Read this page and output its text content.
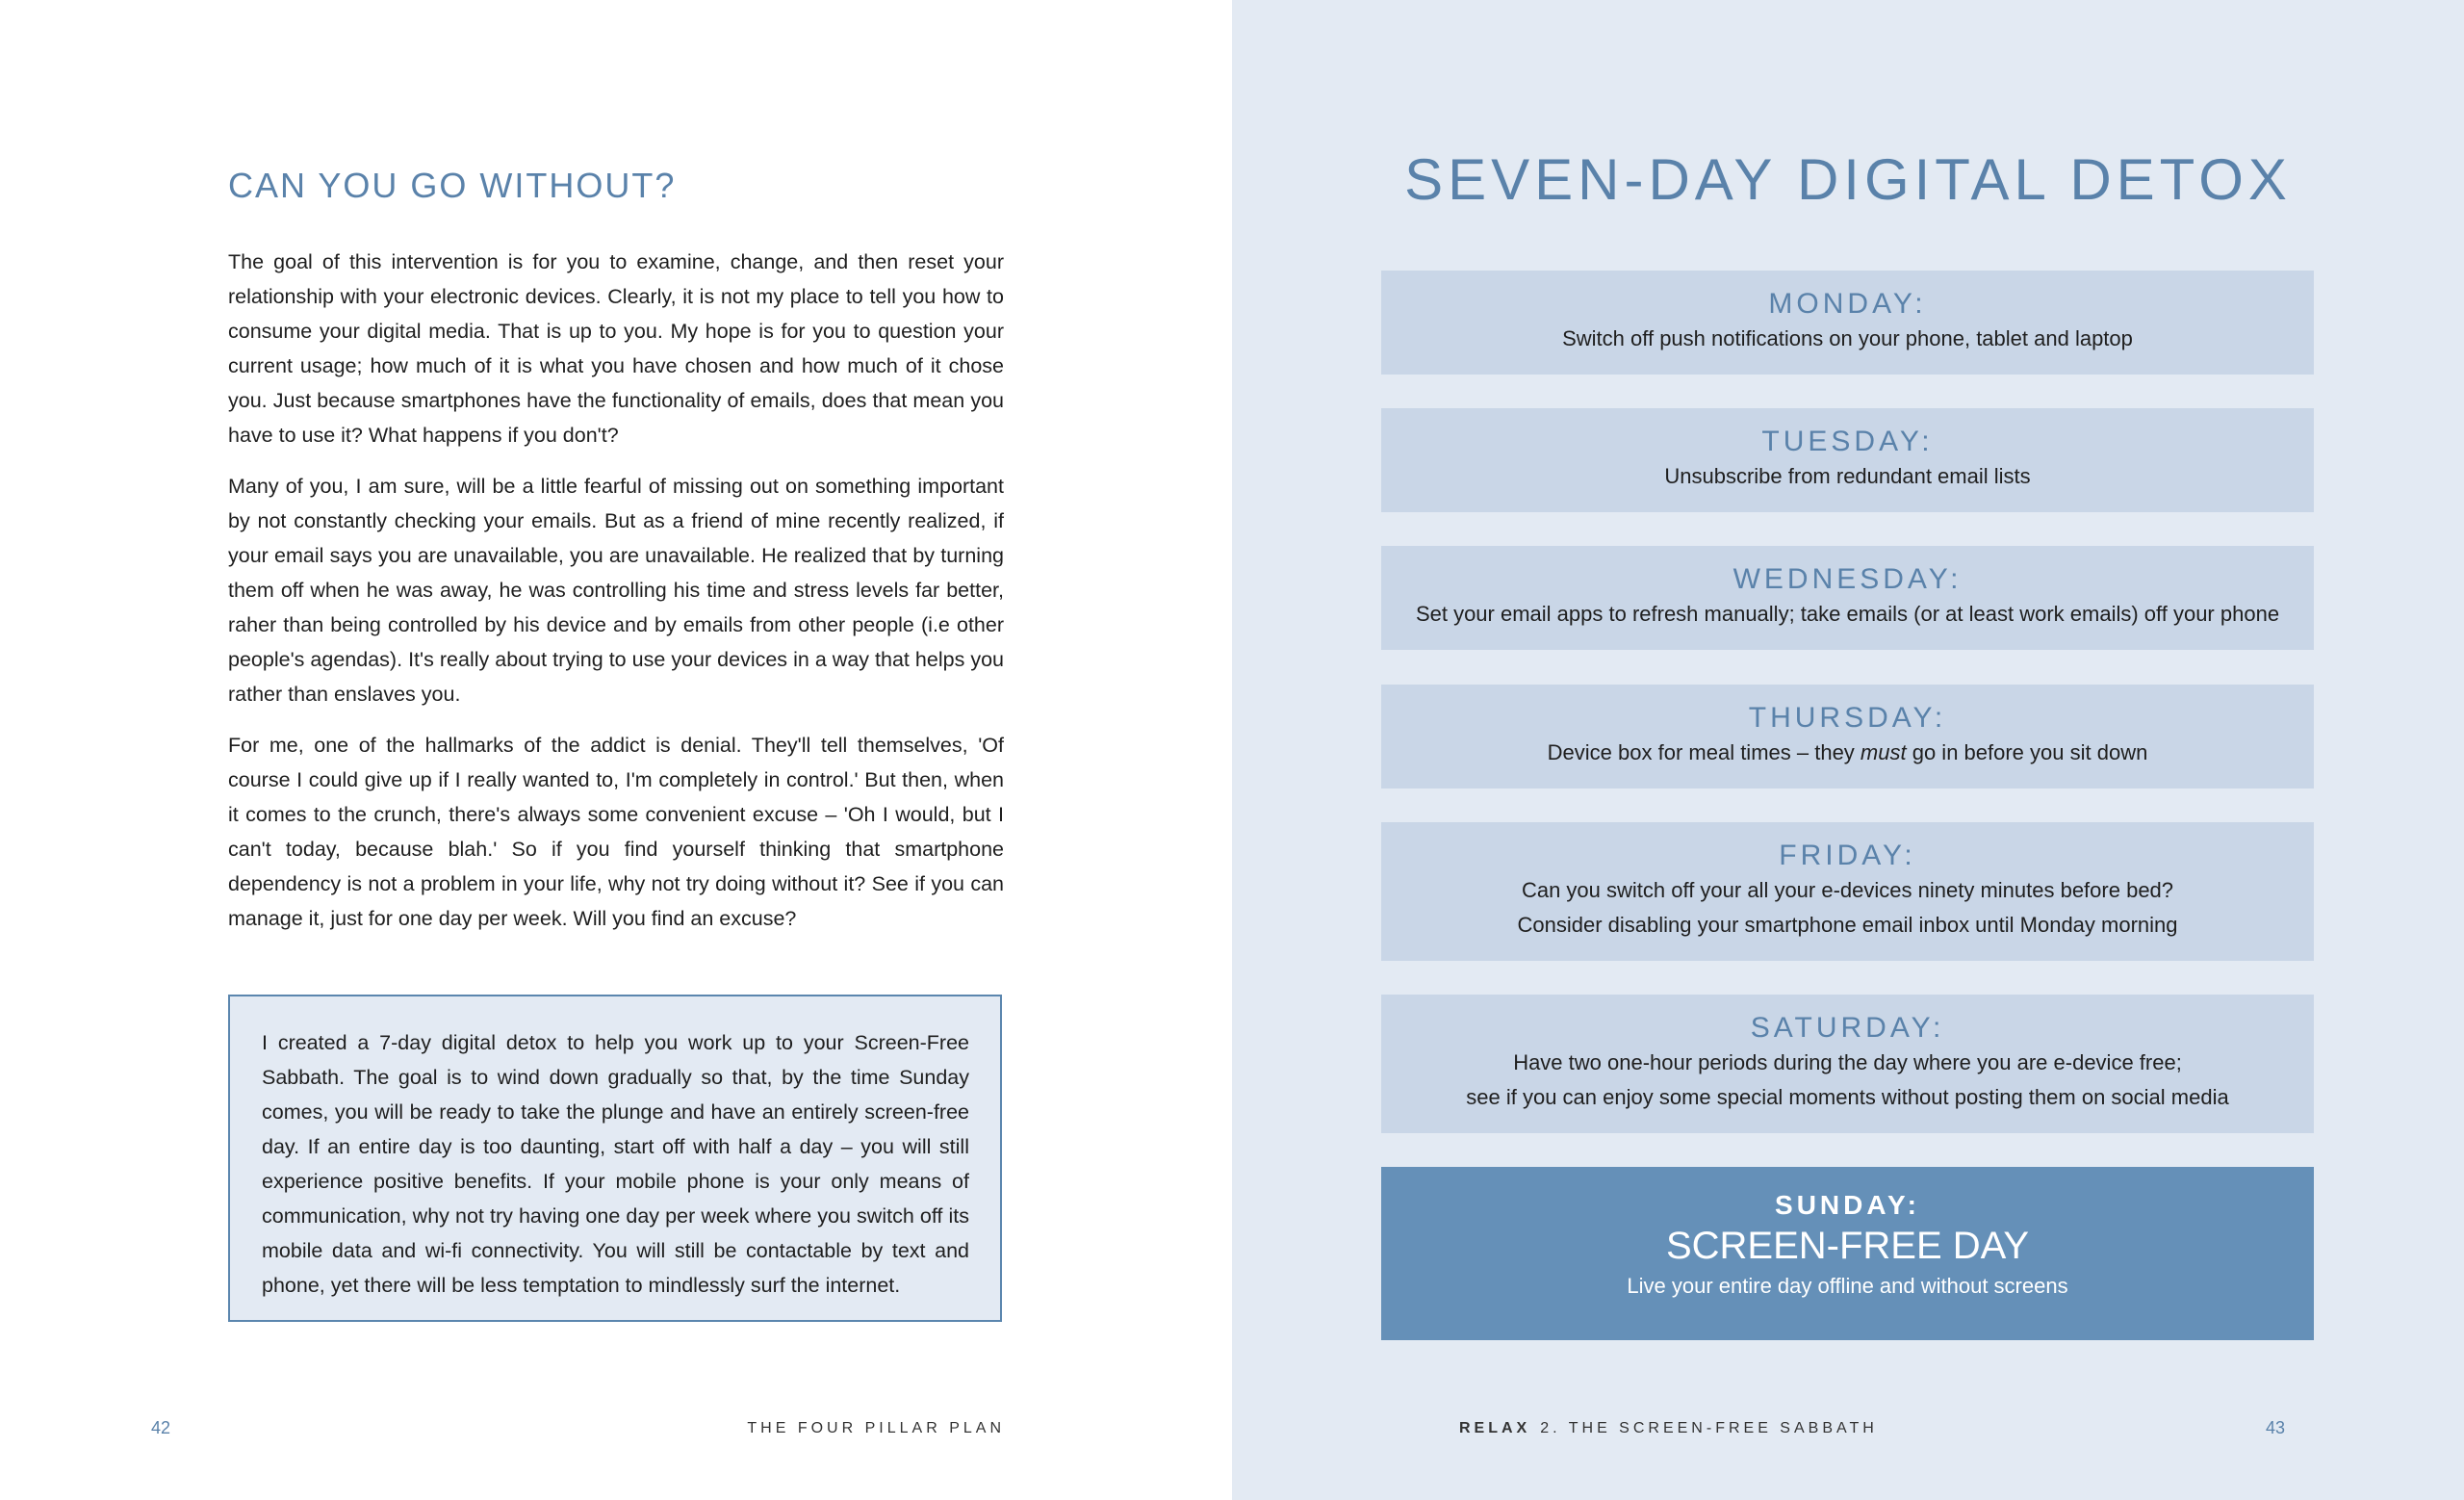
CAN YOU GO WITHOUT?

The goal of this intervention is for you to examine, change, and then reset your relationship with your electronic devices. Clearly, it is not my place to tell you how to consume your digital media. That is up to you. My hope is for you to question your current usage; how much of it is what you have chosen and how much of it chose you. Just because smartphones have the functionality of emails, does that mean you have to use it? What happens if you don't?

Many of you, I am sure, will be a little fearful of missing out on something important by not constantly checking your emails. But as a friend of mine recently realized, if your email says you are unavailable, you are unavailable. He realized that by turning them off when he was away, he was controlling his time and stress levels far better, raher than being controlled by his device and by emails from other people (i.e other people's agendas). It's really about trying to use your devices in a way that helps you rather than enslaves you.

For me, one of the hallmarks of the addict is denial. They'll tell themselves, 'Of course I could give up if I really wanted to, I'm completely in control.' But then, when it comes to the crunch, there's always some convenient excuse – 'Oh I would, but I can't today, because blah.' So if you find yourself thinking that smartphone dependency is not a problem in your life, why not try doing without it? See if you can manage it, just for one day per week. Will you find an excuse?

I created a 7-day digital detox to help you work up to your Screen-Free Sabbath. The goal is to wind down gradually so that, by the time Sunday comes, you will be ready to take the plunge and have an entirely screen-free day. If an entire day is too daunting, start off with half a day – you will still experience positive benefits. If your mobile phone is your only means of communication, why not try having one day per week where you switch off its mobile data and wi-fi connectivity. You will still be contactable by text and phone, yet there will be less temptation to mindlessly surf the internet.

42	THE FOUR PILLAR PLAN
SEVEN-DAY DIGITAL DETOX
MONDAY:
Switch off push notifications on your phone, tablet and laptop
TUESDAY:
Unsubscribe from redundant email lists
WEDNESDAY:
Set your email apps to refresh manually; take emails (or at least work emails) off your phone
THURSDAY:
Device box for meal times – they must go in before you sit down
FRIDAY:
Can you switch off your all your e-devices ninety minutes before bed?
Consider disabling your smartphone email inbox until Monday morning
SATURDAY:
Have two one-hour periods during the day where you are e-device free;
see if you can enjoy some special moments without posting them on social media
SUNDAY:
SCREEN-FREE DAY
Live your entire day offline and without screens
RELAX 2. THE SCREEN-FREE SABBATH	43
